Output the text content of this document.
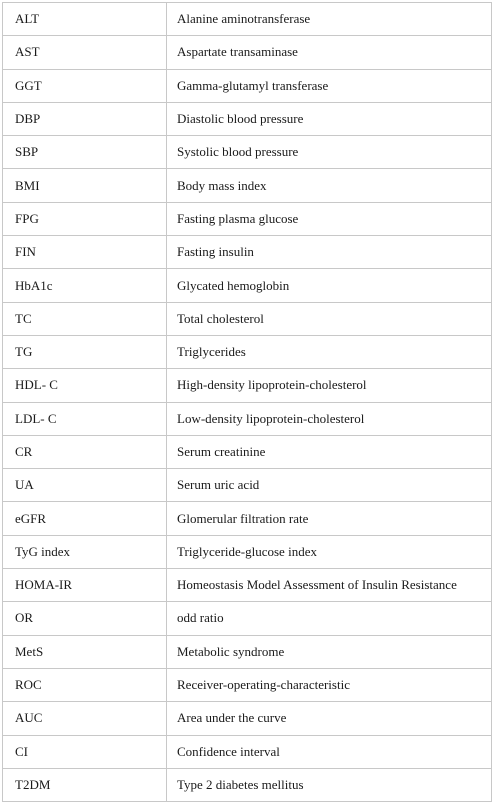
ALT	Alanine aminotransferase
AST	Aspartate transaminase
GGT	Gamma-glutamyl transferase
DBP	Diastolic blood pressure
SBP	Systolic blood pressure
BMI	Body mass index
FPG	Fasting plasma glucose
FIN	Fasting insulin
HbA1c	Glycated hemoglobin
TC	Total cholesterol
TG	Triglycerides
HDL- C	High-density lipoprotein-cholesterol
LDL- C	Low-density lipoprotein-cholesterol
CR	Serum creatinine
UA	Serum uric acid
eGFR	Glomerular filtration rate
TyG index	Triglyceride-glucose index
HOMA-IR	Homeostasis Model Assessment of Insulin Resistance
OR	odd ratio
MetS	Metabolic syndrome
ROC	Receiver-operating-characteristic
AUC	Area under the curve
CI	Confidence interval
T2DM	Type 2 diabetes mellitus
